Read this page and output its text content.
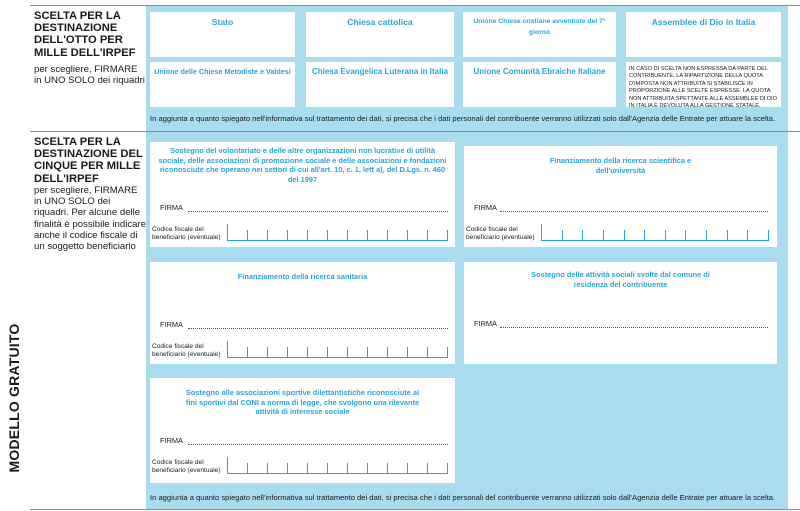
MODELLO GRATUITO
SCELTA PER LA DESTINAZIONE DELL'OTTO PER MILLE DELL'IRPEF
per scegliere, FIRMARE in UNO SOLO dei riquadri
Stato	Chiesa cattolica	Unione Chiese cristiane avventiste del 7° giorno
Assemblee di Dio in Italia
Unione delle Chiese Metodiste e Valdesi	Chiesa Evangelica Luterana in Italia	Unione Comunità Ebraiche Italiane	IN CASO DI SCELTA NON ESPRESSA DA PARTE DEL CONTRIBUENTE, LA RIPARTIZIONE DELLA QUOTA D'IMPOSTA NON ATTRIBUITA SI STABILISCE IN PROPORZIONE ALLE SCELTE ESPRESSE. LA QUOTA NON ATTRIBUITA SPETTANTE ALLE ASSEMBLEE DI DIO IN ITALIA È DEVOLUTA ALLA GESTIONE STATALE.
In aggiunta a quanto spiegato nell'informativa sul trattamento dei dati, si precisa che i dati personali del contribuente verranno utilizzati solo dall'Agenzia delle Entrate per attuare la scelta.
SCELTA PER LA DESTINAZIONE DEL CINQUE PER MILLE DELL'IRPEF
per scegliere, FIRMARE in UNO SOLO dei riquadri. Per alcune delle finalità è possibile indicare anche il codice fiscale di un soggetto beneficiario
Sostegno del volontariato e delle altre organizzazioni non lucrative di utilità sociale, delle associazioni di promozione sociale e delle associazioni e fondazioni riconosciute che operano nei settori di cui all'art. 10, c. 1, lett a), del D.Lgs. n. 460 del 1997
FIRMA
Codice fiscale del beneficiario (eventuale)
Finanziamento della ricerca scientifica e dell'università
FIRMA
Codice fiscale del beneficiario (eventuale)
Finanziamento della ricerca sanitaria
FIRMA
Codice fiscale del beneficiario (eventuale)
Sostegno delle attività sociali svolte dal comune di residenza del contribuente
FIRMA
Sostegno alle associazioni sportive dilettantistiche riconosciute ai fini sportivi dal CONI a norma di legge, che svolgono una rilevante attività di interesse sociale
FIRMA
Codice fiscale del beneficiario (eventuale)
In aggiunta a quanto spiegato nell'informativa sul trattamento dei dati, si precisa che i dati personali del contribuente verranno utilizzati solo dall'Agenzia delle Entrate per attuare la scelta.
